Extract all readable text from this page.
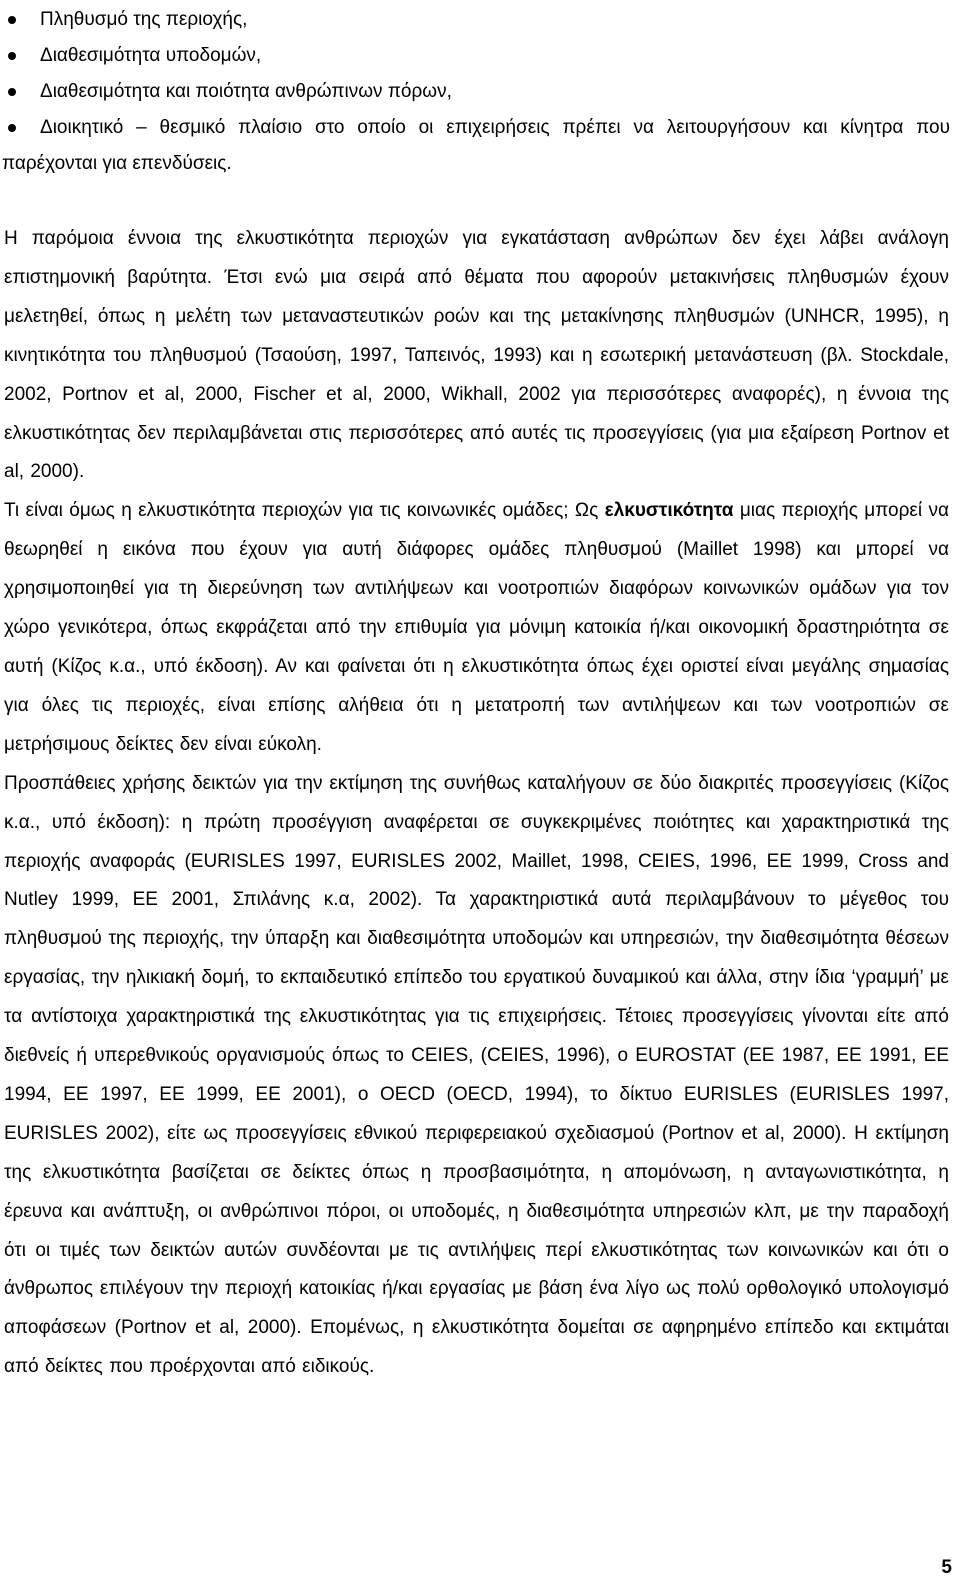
Πληθυσμό της περιοχής,
Διαθεσιμότητα υποδομών,
Διαθεσιμότητα και ποιότητα ανθρώπινων πόρων,
Διοικητικό – θεσμικό πλαίσιο στο οποίο οι επιχειρήσεις πρέπει να λειτουργήσουν και κίνητρα που παρέχονται για επενδύσεις.

Η παρόμοια έννοια της ελκυστικότητα περιοχών για εγκατάσταση ανθρώπων δεν έχει λάβει ανάλογη επιστημονική βαρύτητα. Έτσι ενώ μια σειρά από θέματα που αφορούν μετακινήσεις πληθυσμών έχουν μελετηθεί, όπως η μελέτη των μεταναστευτικών ροών και της μετακίνησης πληθυσμών (UNHCR, 1995), η κινητικότητα του πληθυσμού (Τσαούση, 1997, Ταπεινός, 1993) και η εσωτερική μετανάστευση (βλ. Stockdale, 2002, Portnov et al, 2000, Fischer et al, 2000, Wikhall, 2002 για περισσότερες αναφορές), η έννοια της ελκυστικότητας δεν περιλαμβάνεται στις περισσότερες από αυτές τις προσεγγίσεις (για μια εξαίρεση Portnov et al, 2000).

Τι είναι όμως η ελκυστικότητα περιοχών για τις κοινωνικές ομάδες; Ως ελκυστικότητα μιας περιοχής μπορεί να θεωρηθεί η εικόνα που έχουν για αυτή διάφορες ομάδες πληθυσμού (Maillet 1998) και μπορεί να χρησιμοποιηθεί για τη διερεύνηση των αντιλήψεων και νοοτροπιών διαφόρων κοινωνικών ομάδων για τον χώρο γενικότερα, όπως εκφράζεται από την επιθυμία για μόνιμη κατοικία ή/και οικονομική δραστηριότητα σε αυτή (Κίζος κ.α., υπό έκδοση). Αν και φαίνεται ότι η ελκυστικότητα όπως έχει οριστεί είναι μεγάλης σημασίας για όλες τις περιοχές, είναι επίσης αλήθεια ότι η μετατροπή των αντιλήψεων και των νοοτροπιών σε μετρήσιμους δείκτες δεν είναι εύκολη.

Προσπάθειες χρήσης δεικτών για την εκτίμηση της συνήθως καταλήγουν σε δύο διακριτές προσεγγίσεις (Κίζος κ.α., υπό έκδοση): η πρώτη προσέγγιση αναφέρεται σε συγκεκριμένες ποιότητες και χαρακτηριστικά της περιοχής αναφοράς (EURISLES 1997, EURISLES 2002, Maillet, 1998, CEIES, 1996, EE 1999, Cross and Nutley 1999, EE 2001, Σπιλάνης κ.α, 2002). Τα χαρακτηριστικά αυτά περιλαμβάνουν το μέγεθος του πληθυσμού της περιοχής, την ύπαρξη και διαθεσιμότητα υποδομών και υπηρεσιών, την διαθεσιμότητα θέσεων εργασίας, την ηλικιακή δομή, το εκπαιδευτικό επίπεδο του εργατικού δυναμικού και άλλα, στην ίδια ‘γραμμή’ με τα αντίστοιχα χαρακτηριστικά της ελκυστικότητας για τις επιχειρήσεις. Τέτοιες προσεγγίσεις γίνονται είτε από διεθνείς ή υπερεθνικούς οργανισμούς όπως το CEIES, (CEIES, 1996), ο EUROSTAT (EE 1987, EE 1991, EE 1994, EE 1997, EE 1999, EE 2001), ο OECD (OECD, 1994), το δίκτυο EURISLES (EURISLES 1997, EURISLES 2002), είτε ως προσεγγίσεις εθνικού περιφερειακού σχεδιασμού (Portnov et al, 2000). Η εκτίμηση της ελκυστικότητα βασίζεται σε δείκτες όπως η προσβασιμότητα, η απομόνωση, η ανταγωνιστικότητα, η έρευνα και ανάπτυξη, οι ανθρώπινοι πόροι, οι υποδομές, η διαθεσιμότητα υπηρεσιών κλπ, με την παραδοχή ότι οι τιμές των δεικτών αυτών συνδέονται με τις αντιλήψεις περί ελκυστικότητας των κοινωνικών και ότι ο άνθρωπος επιλέγουν την περιοχή κατοικίας ή/και εργασίας με βάση ένα λίγο ως πολύ ορθολογικό υπολογισμό αποφάσεων (Portnov et al, 2000). Επομένως, η ελκυστικότητα δομείται σε αφηρημένο επίπεδο και εκτιμάται από δείκτες που προέρχονται από ειδικούς.

5
